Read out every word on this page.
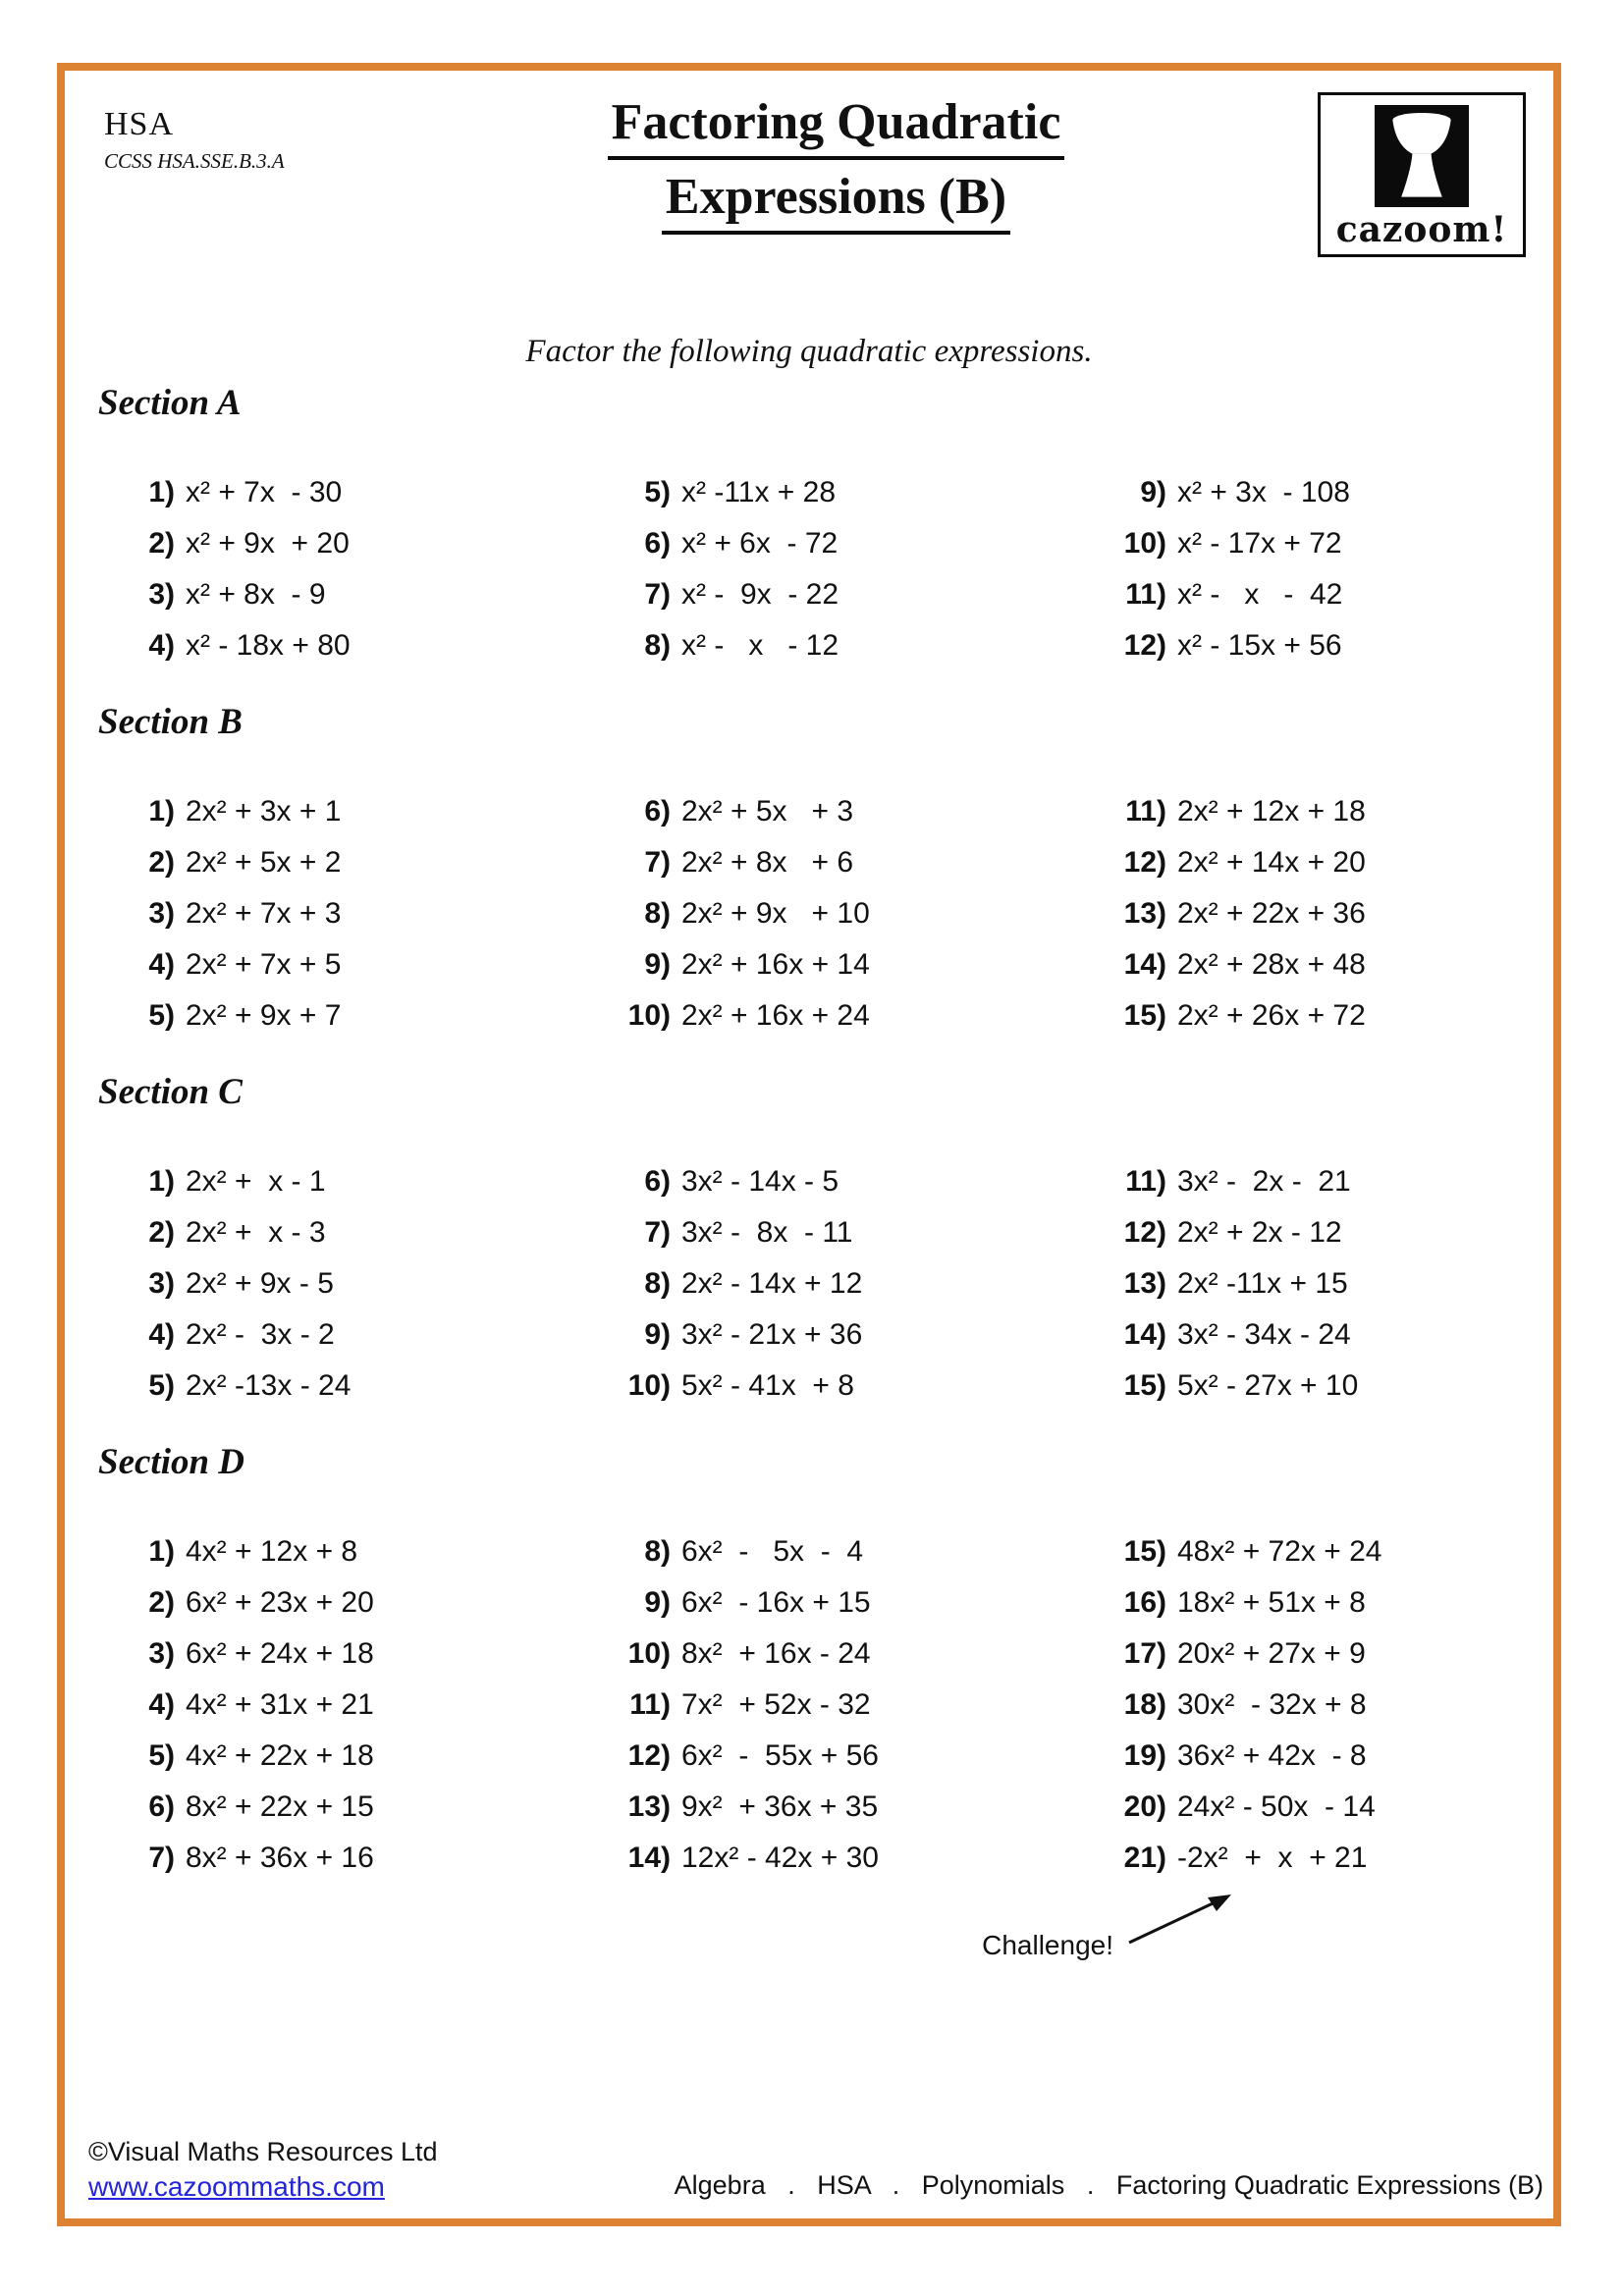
HSA
CCSS HSA.SSE.B.3.A
Factoring Quadratic
Expressions (B)
cazoom!
Factor the following quadratic expressions.
Section A
1) x² + 7x  - 30
2) x² + 9x  + 20
3) x² + 8x  - 9
4) x² - 18x + 80
5) x² -11x + 28
6) x² + 6x  - 72
7) x² -  9x  - 22
8) x² -   x   - 12
9) x² + 3x  - 108
10) x² - 17x + 72
11) x² -   x   -  42
12) x² - 15x + 56
Section B
1) 2x² + 3x + 1
2) 2x² + 5x + 2
3) 2x² + 7x + 3
4) 2x² + 7x + 5
5) 2x² + 9x + 7
6) 2x² + 5x   + 3
7) 2x² + 8x   + 6
8) 2x² + 9x   + 10
9) 2x² + 16x + 14
10) 2x² + 16x + 24
11) 2x² + 12x + 18
12) 2x² + 14x + 20
13) 2x² + 22x + 36
14) 2x² + 28x + 48
15) 2x² + 26x + 72
Section C
1) 2x² +  x - 1
2) 2x² +  x - 3
3) 2x² + 9x - 5
4) 2x² -  3x - 2
5) 2x² -13x - 24
6) 3x² - 14x - 5
7) 3x² -  8x  - 11
8) 2x² - 14x + 12
9) 3x² - 21x + 36
10) 5x² - 41x  + 8
11) 3x² -  2x -  21
12) 2x² + 2x - 12
13) 2x² -11x + 15
14) 3x² - 34x - 24
15) 5x² - 27x + 10
Section D
1) 4x² + 12x + 8
2) 6x² + 23x + 20
3) 6x² + 24x + 18
4) 4x² + 31x + 21
5) 4x² + 22x + 18
6) 8x² + 22x + 15
7) 8x² + 36x + 16
8) 6x²  -   5x  -  4
9) 6x²  - 16x + 15
10) 8x²  + 16x - 24
11) 7x²  + 52x - 32
12) 6x²  -  55x + 56
13) 9x²  + 36x + 35
14) 12x² - 42x + 30
15) 48x² + 72x + 24
16) 18x² + 51x + 8
17) 20x² + 27x + 9
18) 30x²  - 32x + 8
19) 36x² + 42x  - 8
20) 24x² - 50x  - 14
21) -2x²  +  x  + 21
Challenge!
©Visual Maths Resources Ltd
www.cazoommaths.com	Algebra   .   HSA   .   Polynomials   .   Factoring Quadratic Expressions (B)
